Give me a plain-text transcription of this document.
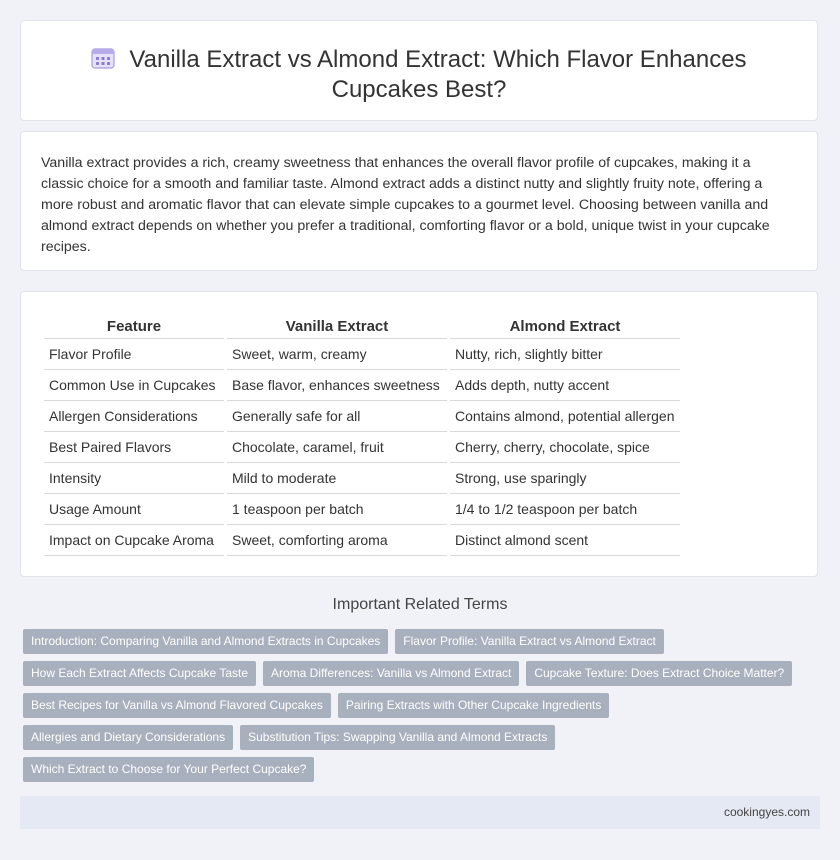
Vanilla Extract vs Almond Extract: Which Flavor Enhances
Cupcakes Best?

Vanilla extract provides a rich, creamy sweetness that enhances the overall flavor profile of cupcakes, making it a classic choice for a smooth and familiar taste. Almond extract adds a distinct nutty and slightly fruity note, offering a more robust and aromatic flavor that can elevate simple cupcakes to a gourmet level. Choosing between vanilla and almond extract depends on whether you prefer a traditional, comforting flavor or a bold, unique twist in your cupcake recipes.

Feature	Vanilla Extract	Almond Extract
Flavor Profile	Sweet, warm, creamy	Nutty, rich, slightly bitter
Common Use in Cupcakes	Base flavor, enhances sweetness	Adds depth, nutty accent
Allergen Considerations	Generally safe for all	Contains almond, potential allergen
Best Paired Flavors	Chocolate, caramel, fruit	Cherry, cherry, chocolate, spice
Intensity	Mild to moderate	Strong, use sparingly
Usage Amount	1 teaspoon per batch	1/4 to 1/2 teaspoon per batch
Impact on Cupcake Aroma	Sweet, comforting aroma	Distinct almond scent
Important Related Terms
Introduction: Comparing Vanilla and Almond Extracts in Cupcakes	Flavor Profile: Vanilla Extract vs Almond Extract
How Each Extract Affects Cupcake Taste	Aroma Differences: Vanilla vs Almond Extract	Cupcake Texture: Does Extract Choice Matter?
Best Recipes for Vanilla vs Almond Flavored Cupcakes	Pairing Extracts with Other Cupcake Ingredients
Allergies and Dietary Considerations	Substitution Tips: Swapping Vanilla and Almond Extracts
Which Extract to Choose for Your Perfect Cupcake?
cookingyes.com
